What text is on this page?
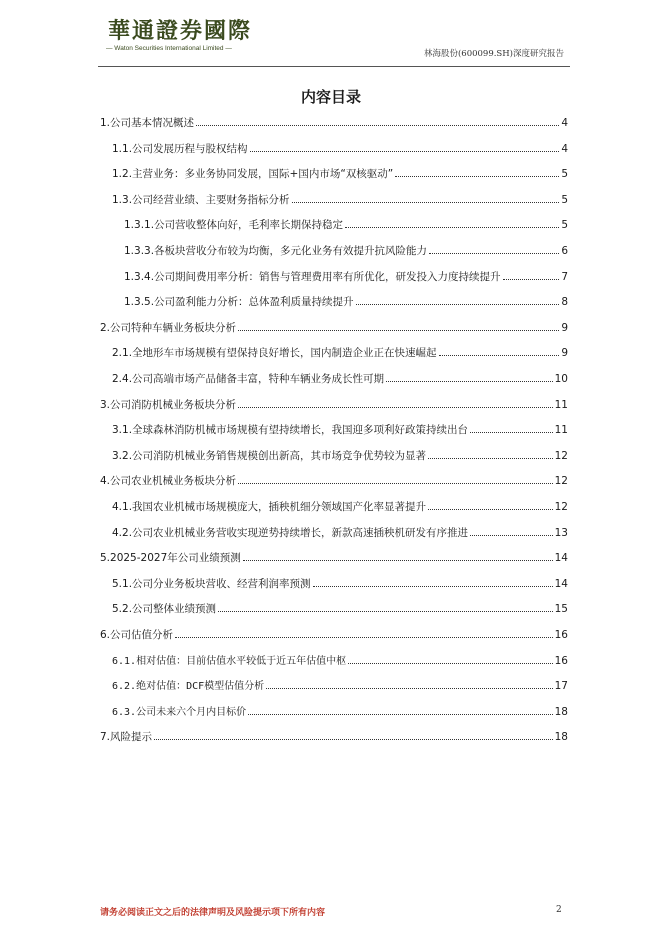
華通證券國際
— Waton Securities International Limited —
林海股份(600099.SH)深度研究报告
内容目录
1.公司基本情况概述	4
1.1.公司发展历程与股权结构	4
1.2.主营业务：多业务协同发展，国际+国内市场“双核驱动”	5
1.3.公司经营业绩、主要财务指标分析	5
1.3.1.公司营收整体向好，毛利率长期保持稳定	5
1.3.3.各板块营收分布较为均衡，多元化业务有效提升抗风险能力	6
1.3.4.公司期间费用率分析：销售与管理费用率有所优化，研发投入力度持续提升	7
1.3.5.公司盈利能力分析：总体盈利质量持续提升	8
2.公司特种车辆业务板块分析	9
2.1.全地形车市场规模有望保持良好增长，国内制造企业正在快速崛起	9
2.4.公司高端市场产品储备丰富，特种车辆业务成长性可期	10
3.公司消防机械业务板块分析	11
3.1.全球森林消防机械市场规模有望持续增长，我国迎多项利好政策持续出台	11
3.2.公司消防机械业务销售规模创出新高，其市场竞争优势较为显著	12
4.公司农业机械业务板块分析	12
4.1.我国农业机械市场规模庞大，插秧机细分领域国产化率显著提升	12
4.2.公司农业机械业务营收实现逆势持续增长，新款高速插秧机研发有序推进	13
5.2025-2027年公司业绩预测	14
5.1.公司分业务板块营收、经营利润率预测	14
5.2.公司整体业绩预测	15
6.公司估值分析	16
6.1.相对估值：目前估值水平较低于近五年估值中枢	16
6.2.绝对估值：DCF模型估值分析	17
6.3.公司未来六个月内目标价	18
7.风险提示	18
请务必阅读正文之后的法律声明及风险提示项下所有内容	2
